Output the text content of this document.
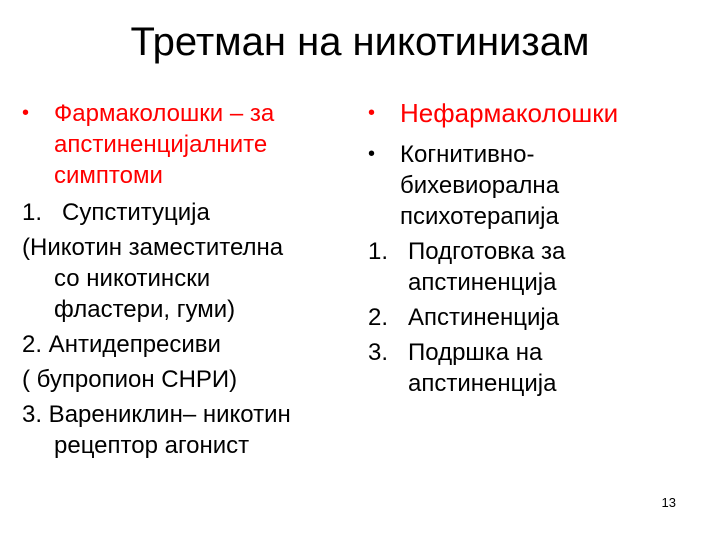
Третман на никотинизам
•	Фармаколошки – за
апстиненцијалните
симптоми
1. Супституција
(Никотин заместителна
со никотински
фластери, гуми)
2. Антидепресиви
( бупропион СНРИ)
3. Варениклин– никотин
рецептор агонист
• Нефармаколошки
•	Когнитивно-
бихевиорална
психотерапија
1. Подготовка за
апстиненција
2. Апстиненција
3. Подршка на
апстиненција
13
